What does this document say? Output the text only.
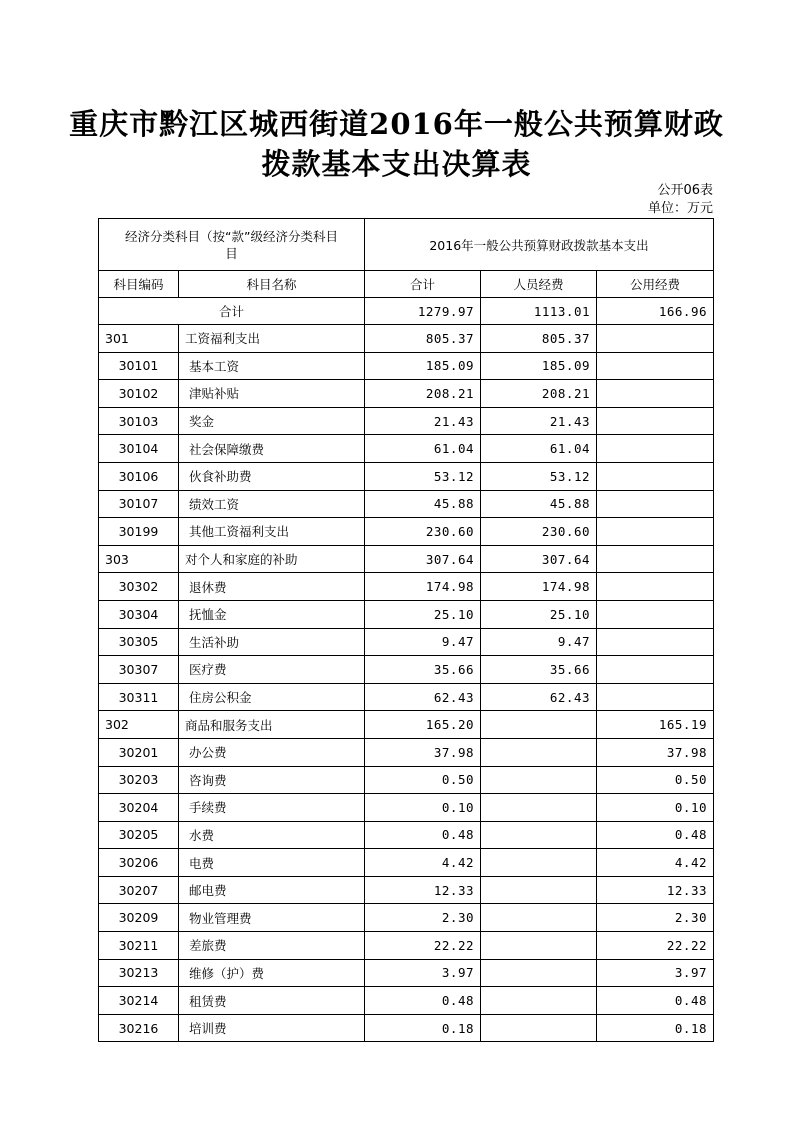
重庆市黔江区城西街道2016年一般公共预算财政
拨款基本支出决算表
公开06表
单位：万元
经济分类科目（按“款”级经济分类科目
目		2016年一般公共预算财政拨款基本支出		
科目编码	科目名称	合计	人员经费	公用经费
合计		1279.97	1113.01	166.96
301	工资福利支出	805.37	805.37	
30101	基本工资	185.09	185.09	
30102	津贴补贴	208.21	208.21	
30103	奖金	21.43	21.43	
30104	社会保障缴费	61.04	61.04	
30106	伙食补助费	53.12	53.12	
30107	绩效工资	45.88	45.88	
30199	其他工资福利支出	230.60	230.60	
303	对个人和家庭的补助	307.64	307.64	
30302	退休费	174.98	174.98	
30304	抚恤金	25.10	25.10	
30305	生活补助	9.47	9.47	
30307	医疗费	35.66	35.66	
30311	住房公积金	62.43	62.43	
302	商品和服务支出	165.20		165.19
30201	办公费	37.98		37.98
30203	咨询费	0.50		0.50
30204	手续费	0.10		0.10
30205	水费	0.48		0.48
30206	电费	4.42		4.42
30207	邮电费	12.33		12.33
30209	物业管理费	2.30		2.30
30211	差旅费	22.22		22.22
30213	维修（护）费	3.97		3.97
30214	租赁费	0.48		0.48
30216	培训费	0.18		0.18
